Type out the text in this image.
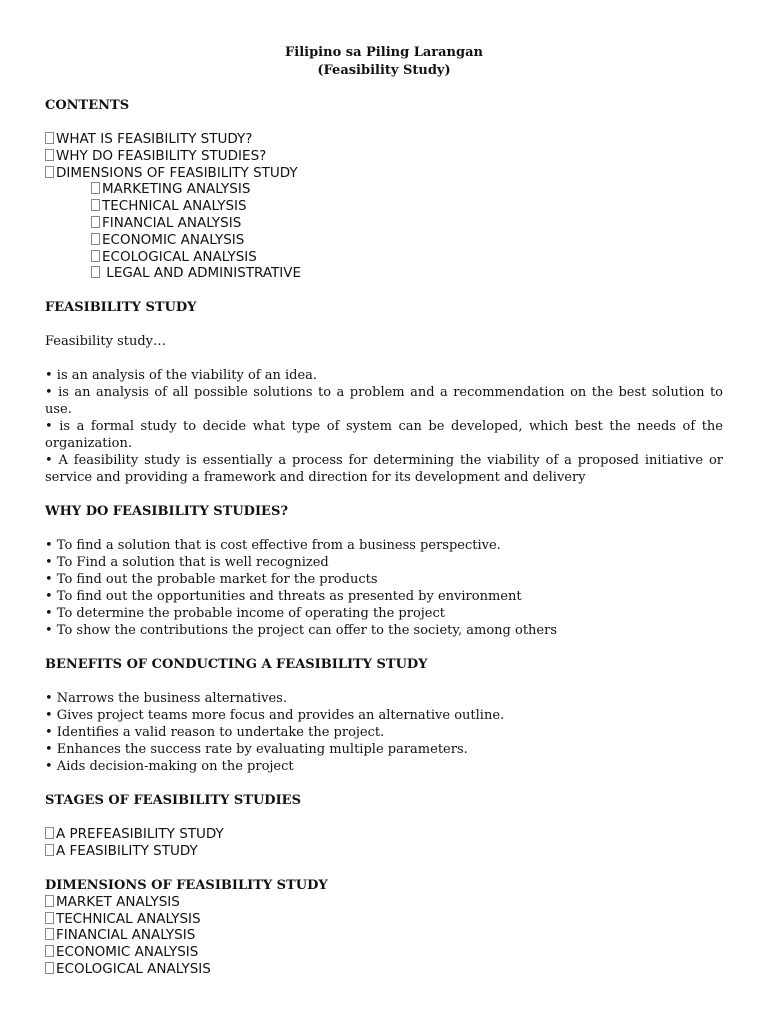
Filipino sa Piling Larangan
(Feasibility Study)
CONTENTS
WHAT IS FEASIBILITY STUDY?
WHY DO FEASIBILITY STUDIES?
DIMENSIONS OF FEASIBILITY STUDY
MARKETING ANALYSIS
TECHNICAL ANALYSIS
FINANCIAL ANALYSIS
ECONOMIC ANALYSIS
ECOLOGICAL ANALYSIS
LEGAL AND ADMINISTRATIVE
FEASIBILITY STUDY

Feasibility study…

• is an analysis of the viability of an idea.

• is an analysis of all possible solutions to a problem and a recommendation on the best solution to use.

• is a formal study to decide what type of system can be developed, which best the needs of the organization.

• A feasibility study is essentially a process for determining the viability of a proposed initiative or service and providing a framework and direction for its development and delivery

WHY DO FEASIBILITY STUDIES?

• To find a solution that is cost effective from a business perspective.

• To Find a solution that is well recognized

• To find out the probable market for the products

• To find out the opportunities and threats as presented by environment

• To determine the probable income of operating the project

• To show the contributions the project can offer to the society, among others

BENEFITS OF CONDUCTING A FEASIBILITY STUDY

• Narrows the business alternatives.

• Gives project teams more focus and provides an alternative outline.

• Identifies a valid reason to undertake the project.

• Enhances the success rate by evaluating multiple parameters.

• Aids decision-making on the project

STAGES OF FEASIBILITY STUDIES
A PREFEASIBILITY STUDY
A FEASIBILITY STUDY
DIMENSIONS OF FEASIBILITY STUDY
MARKET ANALYSIS
TECHNICAL ANALYSIS
FINANCIAL ANALYSIS
ECONOMIC ANALYSIS
ECOLOGICAL ANALYSIS
